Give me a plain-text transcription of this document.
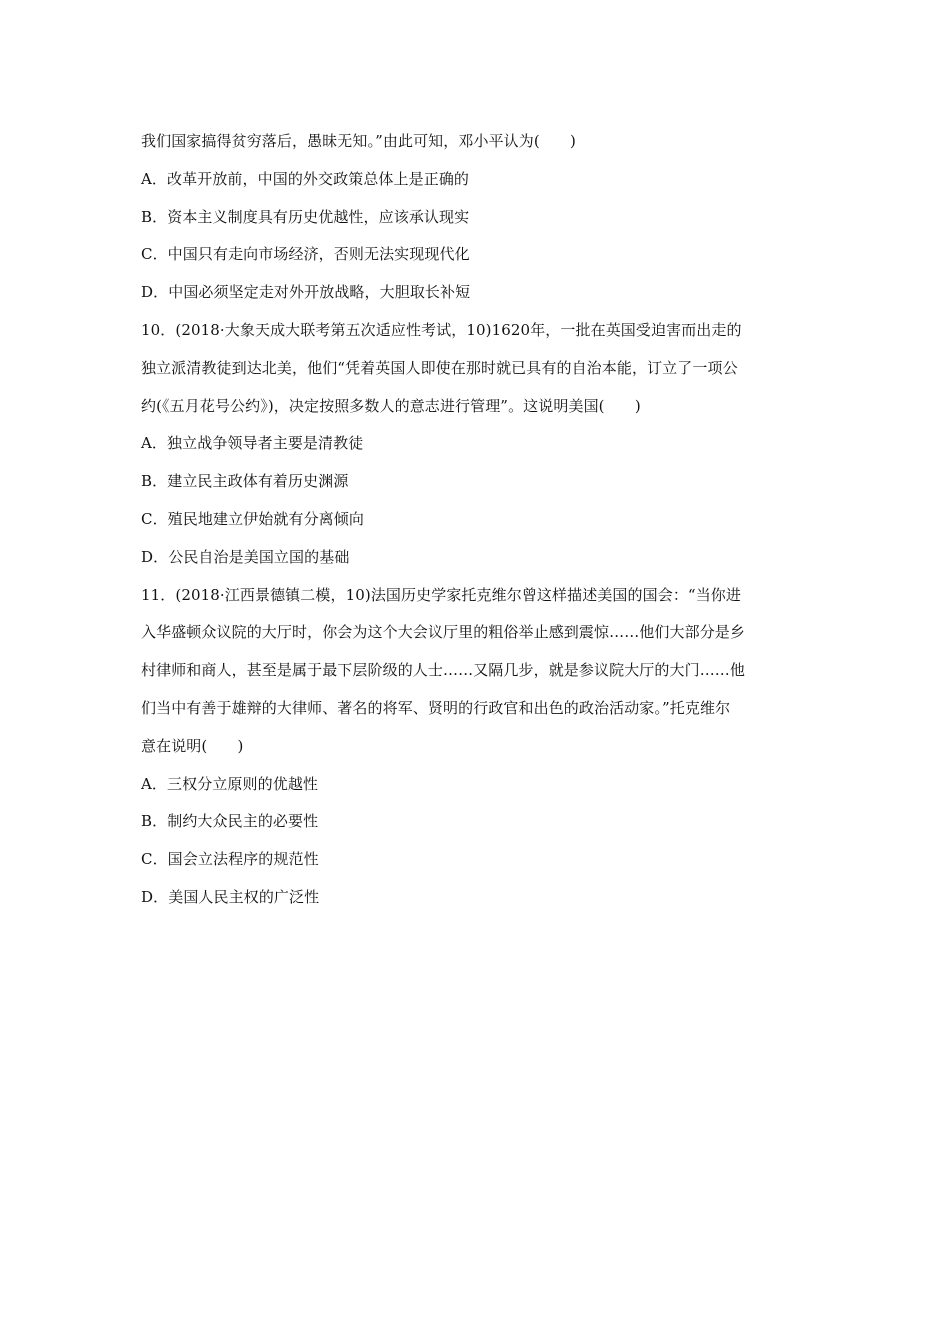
我们国家搞得贫穷落后，愚昧无知。”由此可知，邓小平认为(　　)
A．改革开放前，中国的外交政策总体上是正确的
B．资本主义制度具有历史优越性，应该承认现实
C．中国只有走向市场经济，否则无法实现现代化
D．中国必须坚定走对外开放战略，大胆取长补短
10．(2018·大象天成大联考第五次适应性考试，10)1620年，一批在英国受迫害而出走的
独立派清教徒到达北美，他们“凭着英国人即使在那时就已具有的自治本能，订立了一项公
约(《五月花号公约》)，决定按照多数人的意志进行管理”。这说明美国(　　)
A．独立战争领导者主要是清教徒
B．建立民主政体有着历史渊源
C．殖民地建立伊始就有分离倾向
D．公民自治是美国立国的基础
11．(2018·江西景德镇二模，10)法国历史学家托克维尔曾这样描述美国的国会：“当你进
入华盛顿众议院的大厅时，你会为这个大会议厅里的粗俗举止感到震惊……他们大部分是乡
村律师和商人，甚至是属于最下层阶级的人士……又隔几步，就是参议院大厅的大门……他
们当中有善于雄辩的大律师、著名的将军、贤明的行政官和出色的政治活动家。”托克维尔
意在说明(　　)
A．三权分立原则的优越性
B．制约大众民主的必要性
C．国会立法程序的规范性
D．美国人民主权的广泛性
